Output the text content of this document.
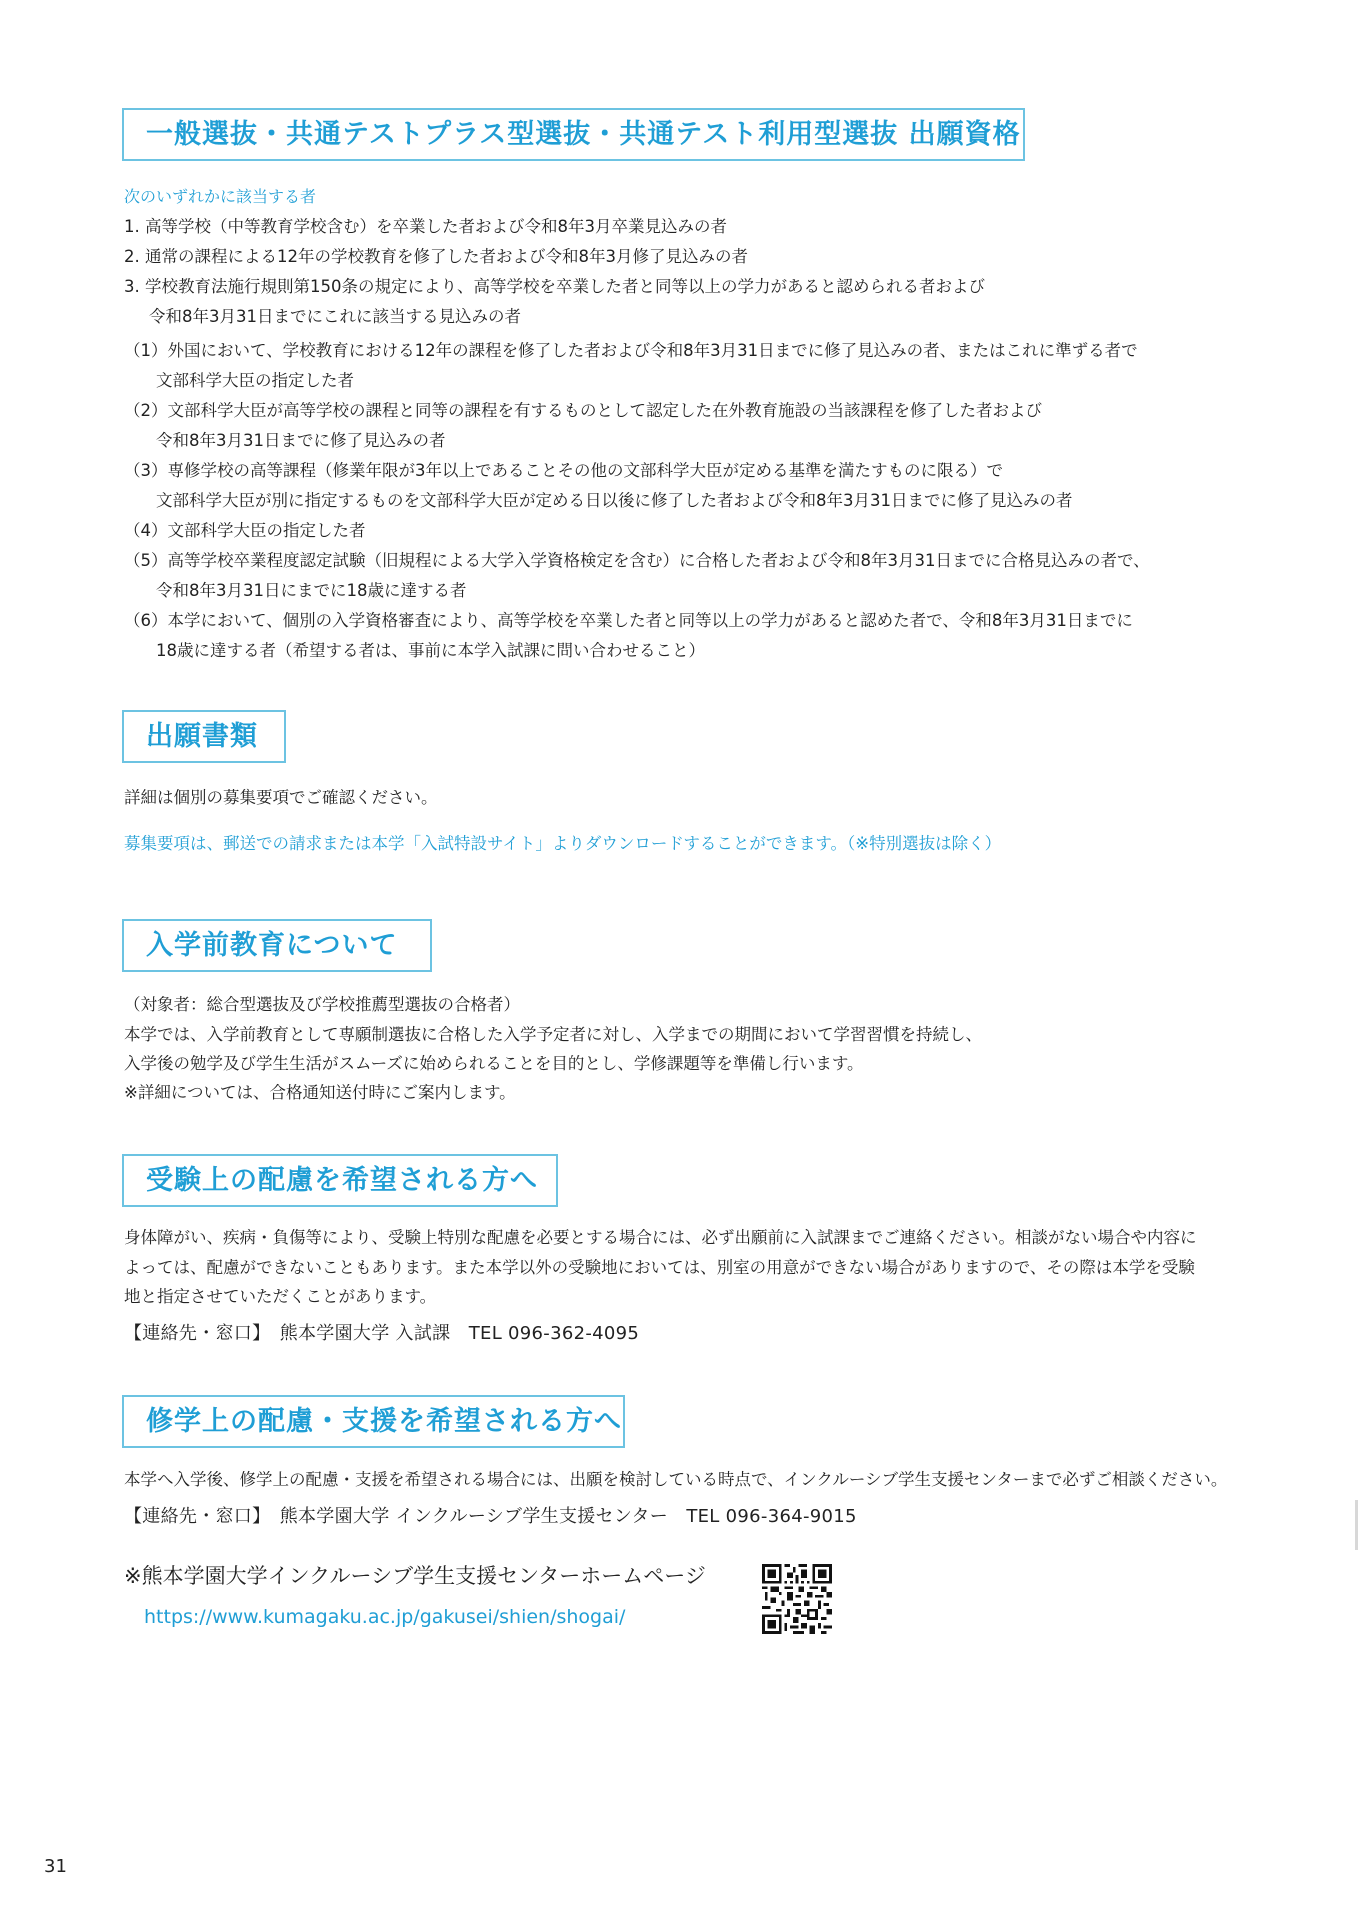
一般選抜・共通テストプラス型選抜・共通テスト利用型選抜 出願資格
次のいずれかに該当する者
1. 高等学校（中等教育学校含む）を卒業した者および令和8年3月卒業見込みの者
2. 通常の課程による12年の学校教育を修了した者および令和8年3月修了見込みの者
3. 学校教育法施行規則第150条の規定により、高等学校を卒業した者と同等以上の学力があると認められる者および
令和8年3月31日までにこれに該当する見込みの者
（1）外国において、学校教育における12年の課程を修了した者および令和8年3月31日までに修了見込みの者、またはこれに準ずる者で
文部科学大臣の指定した者
（2）文部科学大臣が高等学校の課程と同等の課程を有するものとして認定した在外教育施設の当該課程を修了した者および
令和8年3月31日までに修了見込みの者
（3）専修学校の高等課程（修業年限が3年以上であることその他の文部科学大臣が定める基準を満たすものに限る）で
文部科学大臣が別に指定するものを文部科学大臣が定める日以後に修了した者および令和8年3月31日までに修了見込みの者
（4）文部科学大臣の指定した者
（5）高等学校卒業程度認定試験（旧規程による大学入学資格検定を含む）に合格した者および令和8年3月31日までに合格見込みの者で、
令和8年3月31日にまでに18歳に達する者
（6）本学において、個別の入学資格審査により、高等学校を卒業した者と同等以上の学力があると認めた者で、令和8年3月31日までに
18歳に達する者（希望する者は、事前に本学入試課に問い合わせること）
出願書類
詳細は個別の募集要項でご確認ください。
募集要項は、郵送での請求または本学「入試特設サイト」よりダウンロードすることができます。（※特別選抜は除く）
入学前教育について
（対象者：総合型選抜及び学校推薦型選抜の合格者）
本学では、入学前教育として専願制選抜に合格した入学予定者に対し、入学までの期間において学習習慣を持続し、
入学後の勉学及び学生生活がスムーズに始められることを目的とし、学修課題等を準備し行います。
※詳細については、合格通知送付時にご案内します。
受験上の配慮を希望される方へ
身体障がい、疾病・負傷等により、受験上特別な配慮を必要とする場合には、必ず出願前に入試課までご連絡ください。相談がない場合や内容に
よっては、配慮ができないこともあります。また本学以外の受験地においては、別室の用意ができない場合がありますので、その際は本学を受験
地と指定させていただくことがあります。
【連絡先・窓口】　熊本学園大学 入試課　TEL 096-362-4095
修学上の配慮・支援を希望される方へ
本学へ入学後、修学上の配慮・支援を希望される場合には、出願を検討している時点で、インクルーシブ学生支援センターまで必ずご相談ください。
【連絡先・窓口】　熊本学園大学 インクルーシブ学生支援センター　TEL 096-364-9015
※熊本学園大学インクルーシブ学生支援センターホームページ
https://www.kumagaku.ac.jp/gakusei/shien/shogai/
31
